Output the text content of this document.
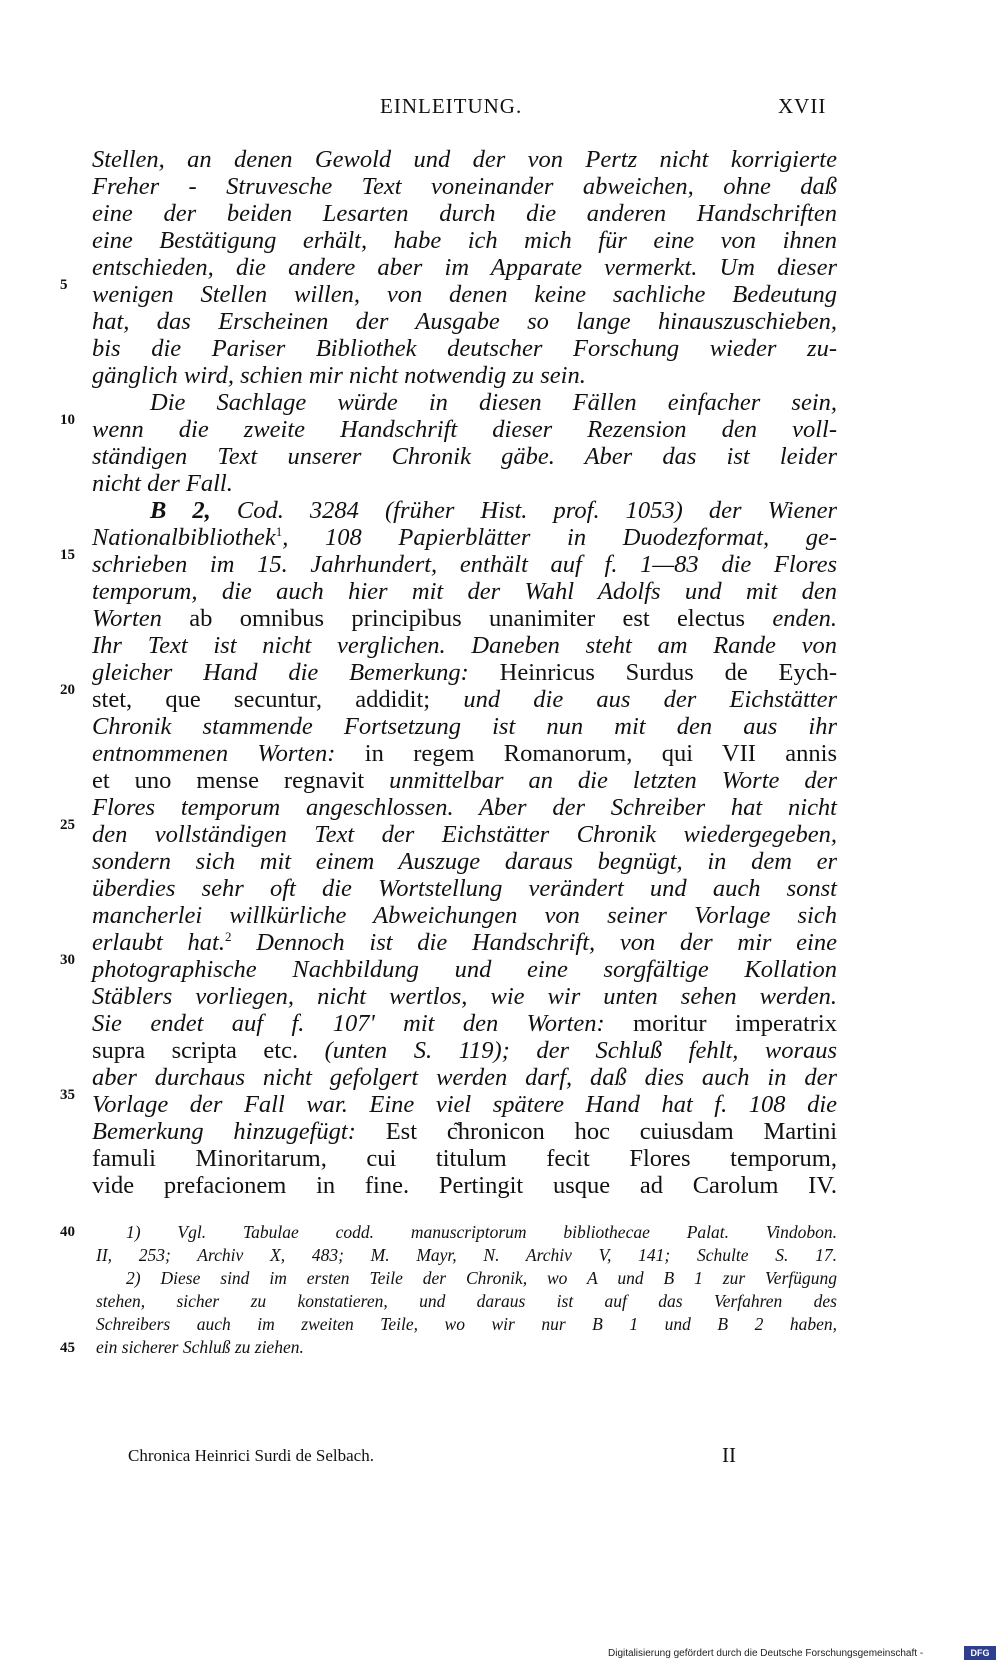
EINLEITUNG.	XVII
Stellen, an denen Gewold und der von Pertz nicht korrigierte
Freher - Struvesche Text voneinander abweichen, ohne daß
eine der beiden Lesarten durch die anderen Handschriften
eine Bestätigung erhält, habe ich mich für eine von ihnen
entschieden, die andere aber im Apparate vermerkt. Um dieser
wenigen Stellen willen, von denen keine sachliche Bedeutung
hat, das Erscheinen der Ausgabe so lange hinauszuschieben,
bis die Pariser Bibliothek deutscher Forschung wieder zu-
gänglich wird, schien mir nicht notwendig zu sein.
Die Sachlage würde in diesen Fällen einfacher sein,
wenn die zweite Handschrift dieser Rezension den voll-
ständigen Text unserer Chronik gäbe. Aber das ist leider
nicht der Fall.
B 2, Cod. 3284 (früher Hist. prof. 1053) der Wiener
Nationalbibliothek$^1$, 108 Papierblätter in Duodezformat, ge-
schrieben im 15. Jahrhundert, enthält auf f. 1—83 die Flores
temporum, die auch hier mit der Wahl Adolfs und mit den
Worten ab omnibus principibus unanimiter est electus enden.
Ihr Text ist nicht verglichen. Daneben steht am Rande von
gleicher Hand die Bemerkung: Heinricus Surdus de Eych-
stet, que secuntur, addidit; und die aus der Eichstätter
Chronik stammende Fortsetzung ist nun mit den aus ihr
entnommenen Worten: in regem Romanorum, qui VII annis
et uno mense regnavit unmittelbar an die letzten Worte der
Flores temporum angeschlossen. Aber der Schreiber hat nicht
den vollständigen Text der Eichstätter Chronik wiedergegeben,
sondern sich mit einem Auszuge daraus begnügt, in dem er
überdies sehr oft die Wortstellung verändert und auch sonst
mancherlei willkürliche Abweichungen von seiner Vorlage sich
erlaubt hat.$^2$ Dennoch ist die Handschrift, von der mir eine
photographische Nachbildung und eine sorgfältige Kollation
Stäblers vorliegen, nicht wertlos, wie wir unten sehen werden.
Sie endet auf f. 107' mit den Worten: moritur imperatrix
supra scripta etc. (unten S. 119); der Schluß fehlt, woraus
aber durchaus nicht gefolgert werden darf, daß dies auch in der
Vorlage der Fall war. Eine viel spätere Hand hat f. 108 die
Bemerkung hinzugefügt: Est c͂hronicon hoc cuiusdam Martini
famuli Minoritarum, cui titulum fecit Flores temporum,
vide prefacionem in fine. Pertingit usque ad Carolum IV.
5
10
15
20
25
30
35
40
45
1) Vgl. Tabulae codd. manuscriptorum bibliothecae Palat. Vindobon.
II, 253; Archiv X, 483; M. Mayr, N. Archiv V, 141; Schulte S. 17.
2) Diese sind im ersten Teile der Chronik, wo A und B 1 zur Verfügung
stehen, sicher zu konstatieren, und daraus ist auf das Verfahren des
Schreibers auch im zweiten Teile, wo wir nur B 1 und B 2 haben,
ein sicherer Schluß zu ziehen.
Chronica Heinrici Surdi de Selbach.	II
Digitalisierung gefördert durch die Deutsche Forschungsgemeinschaft -	DFG
